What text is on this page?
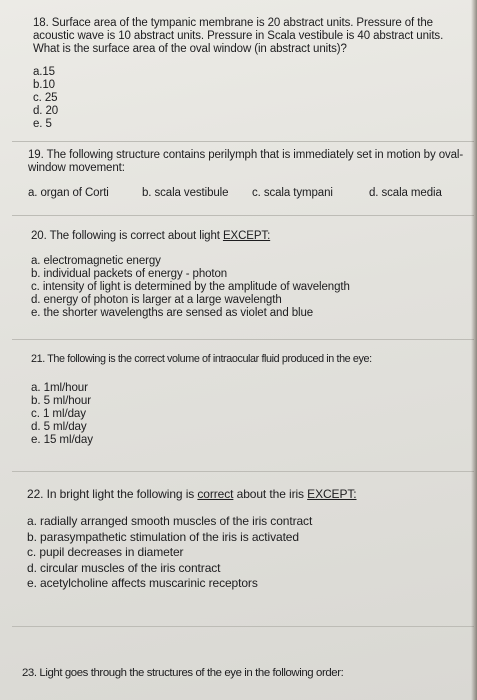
18. Surface area of the tympanic membrane is 20 abstract units. Pressure of the acoustic wave is 10 abstract units. Pressure in Scala vestibule is 40 abstract units. What is the surface area of the oval window (in abstract units)?

a.15
b.10
c. 25
d. 20
e. 5

19. The following structure contains perilymph that is immediately set in motion by oval-window movement:

a. organ of Corti	b. scala vestibule	c. scala tympani	d. scala media

20. The following is correct about light EXCEPT:

a. electromagnetic energy
b. individual packets of energy - photon
c. intensity of light is determined by the amplitude of wavelength
d. energy of photon is larger at a large wavelength
e. the shorter wavelengths are sensed as violet and blue

21. The following is the correct volume of intraocular fluid produced in the eye:

a. 1ml/hour
b. 5 ml/hour
c. 1 ml/day
d. 5 ml/day
e. 15 ml/day

22. In bright light the following is correct about the iris EXCEPT:

a. radially arranged smooth muscles of the iris contract
b. parasympathetic stimulation of the iris is activated
c. pupil decreases in diameter
d. circular muscles of the iris contract
e. acetylcholine affects muscarinic receptors

23. Light goes through the structures of the eye in the following order:
